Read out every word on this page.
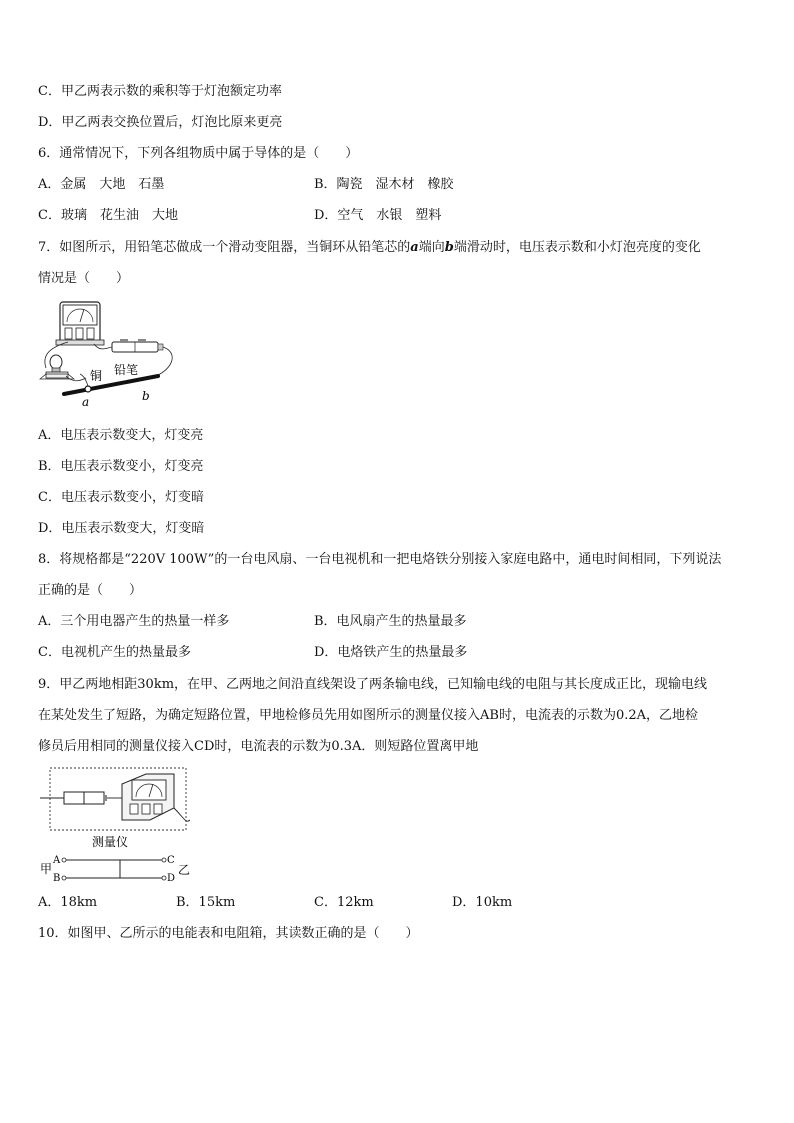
C．甲乙两表示数的乘积等于灯泡额定功率
D．甲乙两表交换位置后，灯泡比原来更亮
6．通常情况下，下列各组物质中属于导体的是（　　）
A．金属　大地　石墨	B．陶瓷　湿木材　橡胶
C．玻璃　花生油　大地	D．空气　水银　塑料
7．如图所示，用铅笔芯做成一个滑动变阻器，当铜环从铅笔芯的a端向b端滑动时，电压表示数和小灯泡亮度的变化
情况是（　　）
铜 铅笔
a	b
A．电压表示数变大，灯变亮
B．电压表示数变小，灯变亮
C．电压表示数变小，灯变暗
D．电压表示数变大，灯变暗
8．将规格都是“220V 100W”的一台电风扇、一台电视机和一把电烙铁分别接入家庭电路中，通电时间相同，下列说法
正确的是（　　）
A．三个用电器产生的热量一样多	B．电风扇产生的热量最多
C．电视机产生的热量最多	D．电烙铁产生的热量最多
9．甲乙两地相距30km，在甲、乙两地之间沿直线架设了两条输电线，已知输电线的电阻与其长度成正比，现输电线
在某处发生了短路，为确定短路位置，甲地检修员先用如图所示的测量仪接入AB时，电流表的示数为0.2A，乙地检
修员后用相同的测量仪接入CD时，电流表的示数为0.3A．则短路位置离甲地
测量仪
甲
A
B
C
D
乙
A．18km	B．15km	C．12km	D．10km
10．如图甲、乙所示的电能表和电阻箱，其读数正确的是（　　）
